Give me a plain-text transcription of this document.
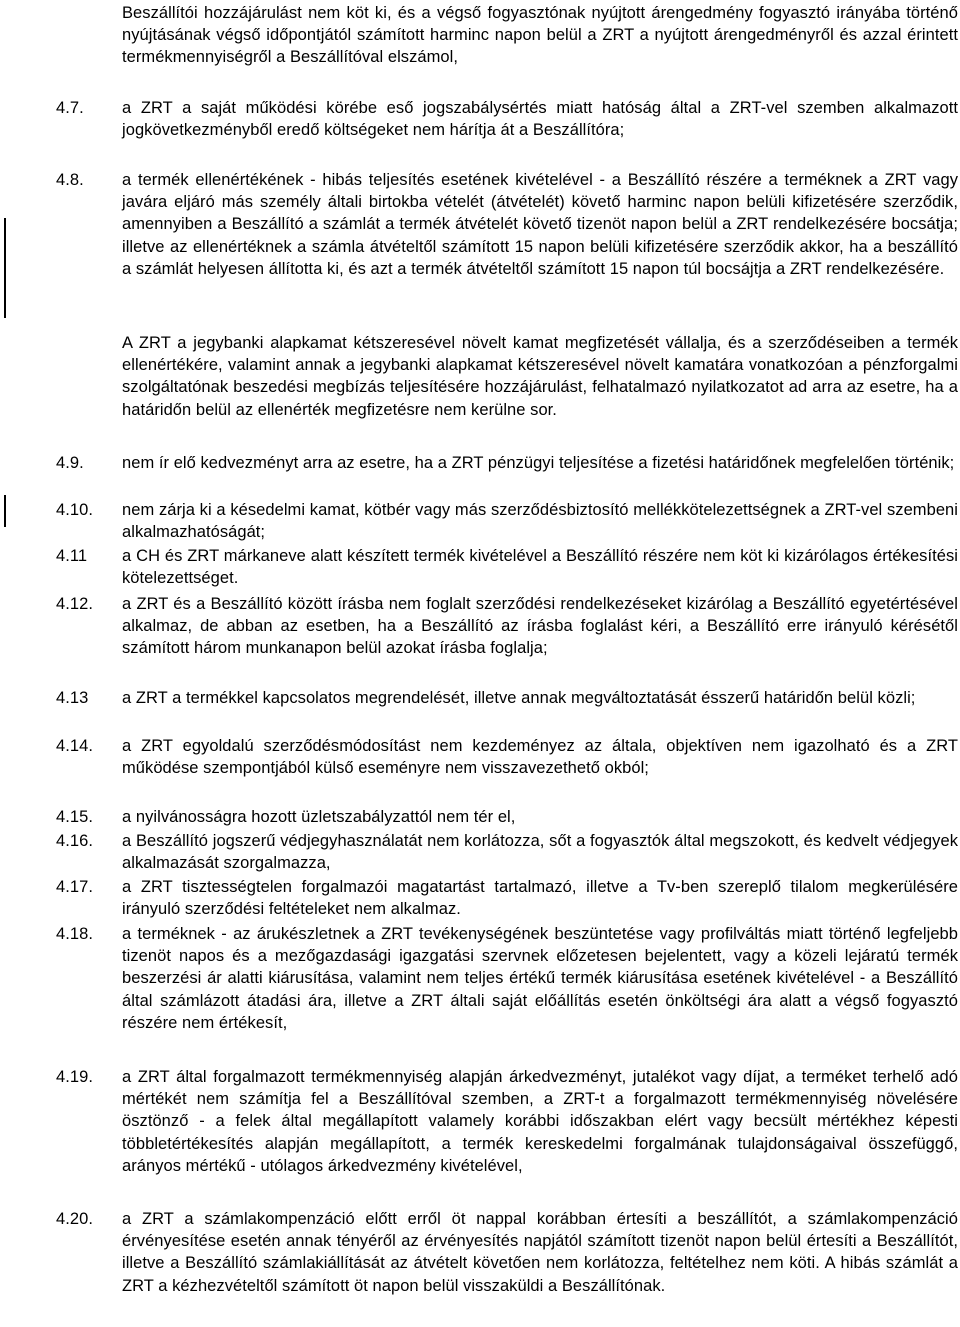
Beszállítói hozzájárulást nem köt ki, és a végső fogyasztónak nyújtott árengedmény fogyasztó irányába történő nyújtásának végső időpontjától számított harminc napon belül a ZRT a nyújtott árengedményről és azzal érintett termékmennyiségről a Beszállítóval elszámol,
4.7. a ZRT a saját működési körébe eső jogszabálysértés miatt hatóság által a ZRT-vel szemben alkalmazott jogkövetkezményből eredő költségeket nem hárítja át a Beszállítóra;
4.8. a termék ellenértékének - hibás teljesítés esetének kivételével - a Beszállító részére a terméknek a ZRT vagy javára eljáró más személy általi birtokba vételét (átvételét) követő harminc napon belüli kifizetésére szerződik, amennyiben a Beszállító a számlát a termék átvételét követő tizenöt napon belül a ZRT rendelkezésére bocsátja; illetve az ellenértéknek a számla átvételtől számított 15 napon belüli kifizetésére szerződik akkor, ha a beszállító a számlát helyesen állította ki, és azt a termék átvételtől számított 15 napon túl bocsájtja a ZRT rendelkezésére.
A ZRT a jegybanki alapkamat kétszeresével növelt kamat megfizetését vállalja, és a szerződéseiben a termék ellenértékére, valamint annak a jegybanki alapkamat kétszeresével növelt kamatára vonatkozóan a pénzforgalmi szolgáltatónak beszedési megbízás teljesítésére hozzájárulást, felhatalmazó nyilatkozatot ad arra az esetre, ha a határidőn belül az ellenérték megfizetésre nem kerülne sor.
4.9. nem ír elő kedvezményt arra az esetre, ha a ZRT pénzügyi teljesítése a fizetési határidőnek megfelelően történik;
4.10. nem zárja ki a késedelmi kamat, kötbér vagy más szerződésbiztosító mellékkötelezettségnek a ZRT-vel szembeni alkalmazhatóságát;
4.11 a CH és ZRT márkaneve alatt készített termék kivételével a Beszállító részére nem köt ki kizárólagos értékesítési kötelezettséget.
4.12. a ZRT és a Beszállító között írásba nem foglalt szerződési rendelkezéseket kizárólag a Beszállító egyetértésével alkalmaz, de abban az esetben, ha a Beszállító az írásba foglalást kéri, a Beszállító erre irányuló kérésétől számított három munkanapon belül azokat írásba foglalja;
4.13 a ZRT a termékkel kapcsolatos megrendelését, illetve annak megváltoztatását ésszerű határidőn belül közli;
4.14. a ZRT egyoldalú szerződésmódosítást nem kezdeményez az általa, objektíven nem igazolható és a ZRT működése szempontjából külső eseményre nem visszavezethető okból;
4.15. a nyilvánosságra hozott üzletszabályzattól nem tér el,
4.16. a Beszállító jogszerű védjegyhasználatát nem korlátozza, sőt a fogyasztók által megszokott, és kedvelt védjegyek alkalmazását szorgalmazza,
4.17. a ZRT tisztességtelen forgalmazói magatartást tartalmazó, illetve a Tv-ben szereplő tilalom megkerülésére irányuló szerződési feltételeket nem alkalmaz.
4.18. a terméknek - az árukészletnek a ZRT tevékenységének beszüntetése vagy profilváltás miatt történő legfeljebb tizenöt napos és a mezőgazdasági igazgatási szervnek előzetesen bejelentett, vagy a közeli lejáratú termék beszerzési ár alatti kiárusítása, valamint nem teljes értékű termék kiárusítása esetének kivételével - a Beszállító által számlázott átadási ára, illetve a ZRT általi saját előállítás esetén önköltségi ára alatt a végső fogyasztó részére nem értékesít,
4.19. a ZRT által forgalmazott termékmennyiség alapján árkedvezményt, jutalékot vagy díjat, a terméket terhelő adó mértékét nem számítja fel a Beszállítóval szemben, a ZRT-t a forgalmazott termékmennyiség növelésére ösztönző - a felek által megállapított valamely korábbi időszakban elért vagy becsült mértékhez képesti többletértékesítés alapján megállapított, a termék kereskedelmi forgalmának tulajdonságaival összefüggő, arányos mértékű - utólagos árkedvezmény kivételével,
4.20. a ZRT a számlakompenzáció előtt erről öt nappal korábban értesíti a beszállítót, a számlakompenzáció érvényesítése esetén annak tényéről az érvényesítés napjától számított tizenöt napon belül értesíti a Beszállítót, illetve a Beszállító számlakiállítását az átvételt követően nem korlátozza, feltételhez nem köti. A hibás számlát a ZRT a kézhezvételtől számított öt napon belül visszaküldi a Beszállítónak.
